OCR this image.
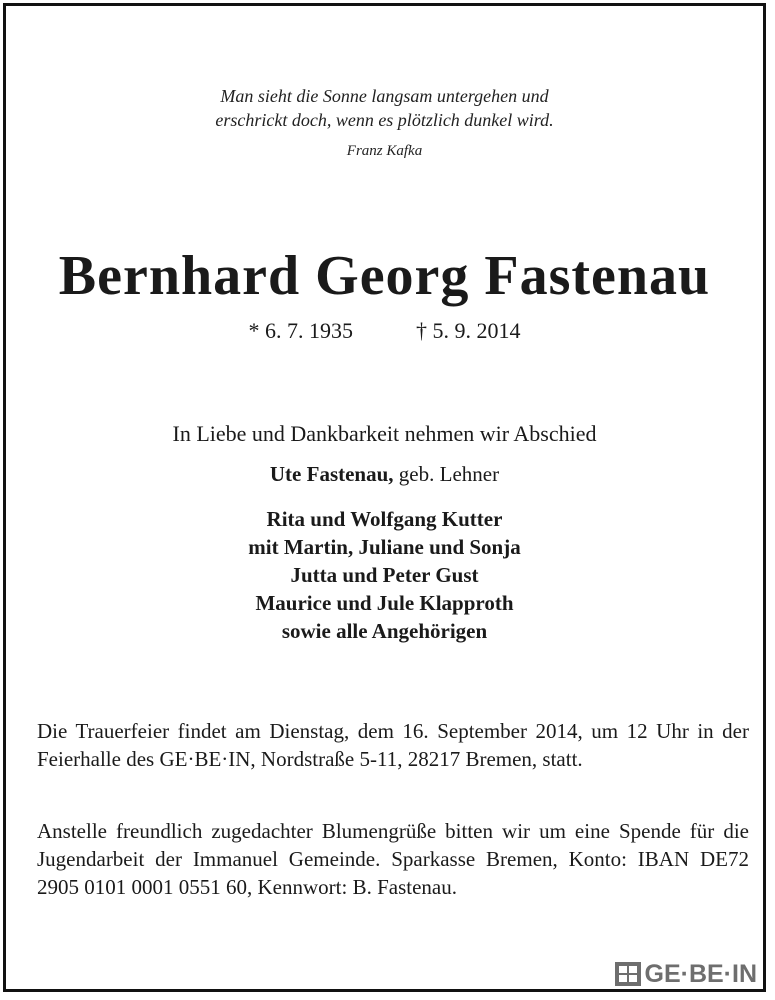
Man sieht die Sonne langsam untergehen und
erschrickt doch, wenn es plötzlich dunkel wird.
Franz Kafka
Bernhard Georg Fastenau
* 6. 7. 1935	† 5. 9. 2014
In Liebe und Dankbarkeit nehmen wir Abschied
Ute Fastenau, geb. Lehner
Rita und Wolfgang Kutter
mit Martin, Juliane und Sonja
Jutta und Peter Gust
Maurice und Jule Klapproth
sowie alle Angehörigen
Die Trauerfeier findet am Dienstag, dem 16. September 2014, um 12 Uhr in der Feierhalle des GE·BE·IN, Nordstraße 5-11, 28217 Bremen, statt.
Anstelle freundlich zugedachter Blumengrüße bitten wir um eine Spende für die Jugendarbeit der Immanuel Gemeinde. Sparkasse Bremen, Konto: IBAN DE72 2905 0101 0001 0551 60, Kennwort: B. Fastenau.
GE·BE·IN
